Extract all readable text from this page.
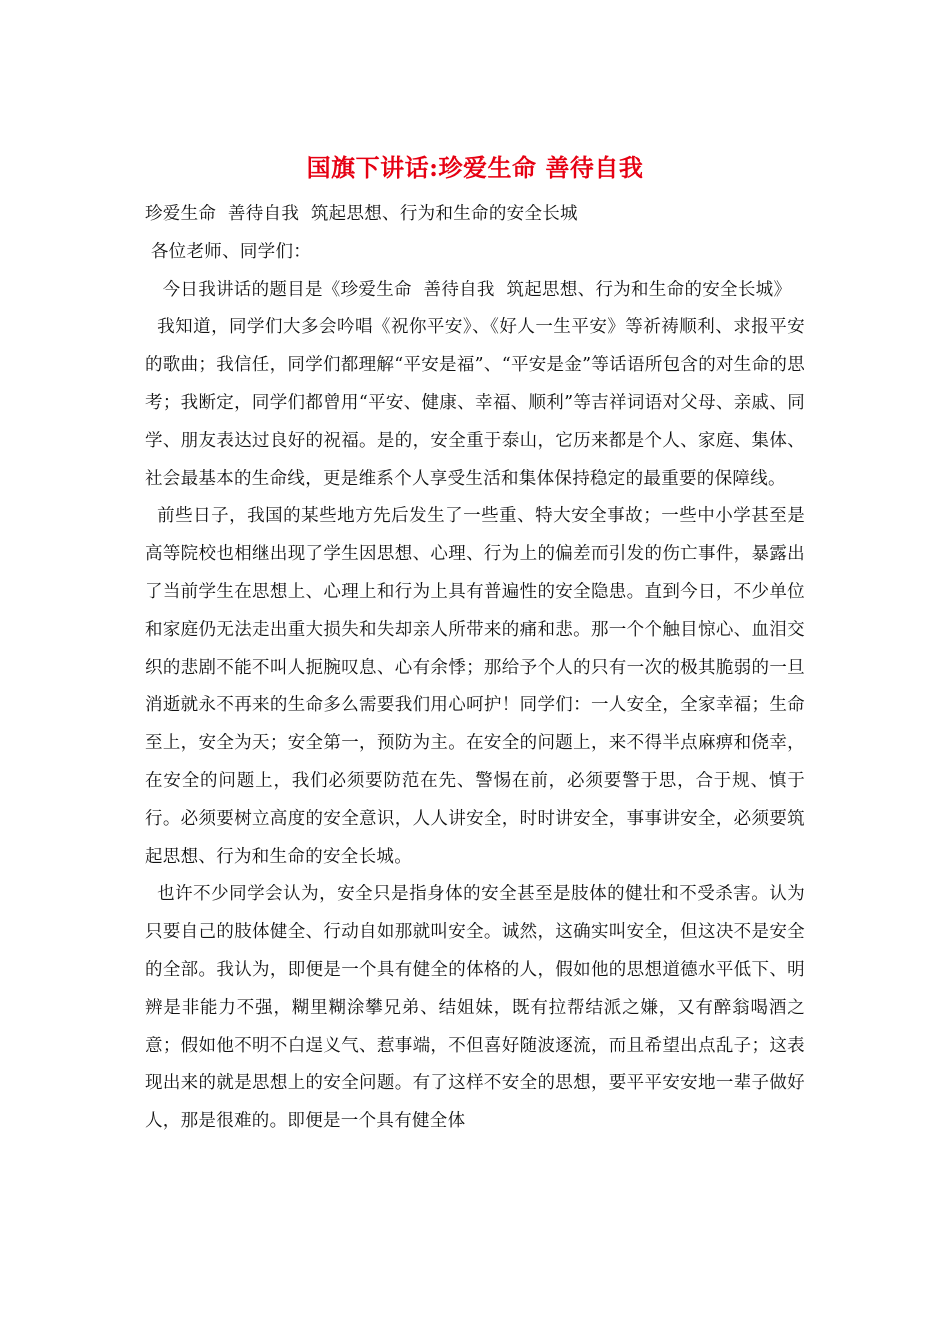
国旗下讲话:珍爱生命 善待自我

珍爱生命  善待自我  筑起思想、行为和生命的安全长城

各位老师、同学们：

今日我讲话的题目是《珍爱生命  善待自我  筑起思想、行为和生命的安全长城》

我知道，同学们大多会吟唱《祝你平安》、《好人一生平安》等祈祷顺利、求报平安的歌曲；我信任，同学们都理解“平安是福”、“平安是金”等话语所包含的对生命的思考；我断定，同学们都曾用“平安、健康、幸福、顺利”等吉祥词语对父母、亲戚、同学、朋友表达过良好的祝福。是的，安全重于泰山，它历来都是个人、家庭、集体、社会最基本的生命线，更是维系个人享受生活和集体保持稳定的最重要的保障线。

前些日子，我国的某些地方先后发生了一些重、特大安全事故；一些中小学甚至是高等院校也相继出现了学生因思想、心理、行为上的偏差而引发的伤亡事件，暴露出了当前学生在思想上、心理上和行为上具有普遍性的安全隐患。直到今日，不少单位和家庭仍无法走出重大损失和失却亲人所带来的痛和悲。那一个个触目惊心、血泪交织的悲剧不能不叫人扼腕叹息、心有余悸；那给予个人的只有一次的极其脆弱的一旦消逝就永不再来的生命多么需要我们用心呵护！同学们：一人安全，全家幸福；生命至上，安全为天；安全第一，预防为主。在安全的问题上，来不得半点麻痹和侥幸，在安全的问题上，我们必须要防范在先、警惕在前，必须要警于思，合于规、慎于行。必须要树立高度的安全意识，人人讲安全，时时讲安全，事事讲安全，必须要筑起思想、行为和生命的安全长城。

也许不少同学会认为，安全只是指身体的安全甚至是肢体的健壮和不受杀害。认为只要自己的肢体健全、行动自如那就叫安全。诚然，这确实叫安全，但这决不是安全的全部。我认为，即便是一个具有健全的体格的人，假如他的思想道德水平低下、明辨是非能力不强，糊里糊涂攀兄弟、结姐妹，既有拉帮结派之嫌，又有醉翁喝酒之意；假如他不明不白逞义气、惹事端，不但喜好随波逐流，而且希望出点乱子；这表现出来的就是思想上的安全问题。有了这样不安全的思想，要平平安安地一辈子做好人，那是很难的。即便是一个具有健全体
